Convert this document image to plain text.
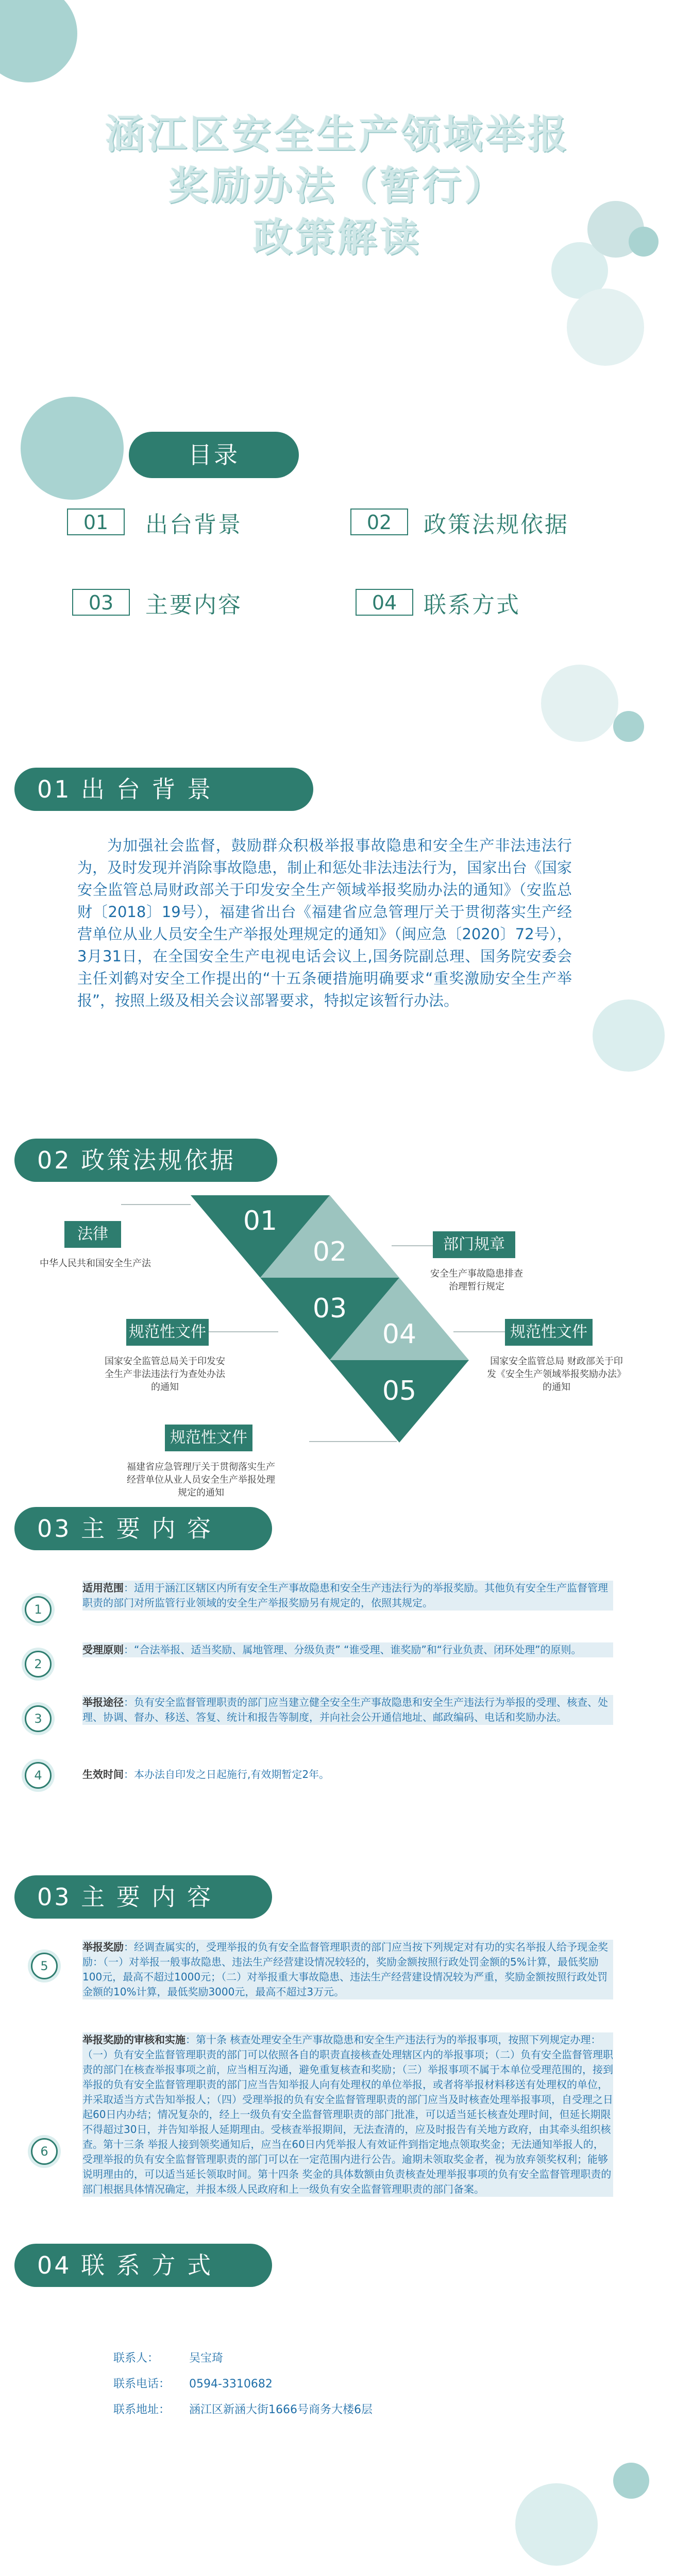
涵江区安全生产领域举报
奖励办法（暂行）
政策解读
目录
01	出台背景	02	政策法规依据
03	主要内容	04	联系方式
01 出 台 背 景
为加强社会监督，鼓励群众积极举报事故隐患和安全生产非法违法行为，及时发现并消除事故隐患，制止和惩处非法违法行为，国家出台《国家安全监管总局财政部关于印发安全生产领域举报奖励办法的通知》（安监总财〔2018〕19号），福建省出台《福建省应急管理厅关于贯彻落实生产经营单位从业人员安全生产举报处理规定的通知》（闽应急〔2020〕72号），3月31日，在全国安全生产电视电话会议上,国务院副总理、国务院安委会主任刘鹤对安全工作提出的“十五条硬措施明确要求“重奖激励安全生产举报”，按照上级及相关会议部署要求，特拟定该暂行办法。
02 政策法规依据
01
02
03
04
05
法律
中华人民共和国安全生产法
部门规章
安全生产事故隐患排查治理暂行规定
规范性文件
国家安全监管总局关于印发安全生产非法违法行为查处办法的通知
规范性文件
国家安全监管总局 财政部关于印发《安全生产领域举报奖励办法》的通知
规范性文件
福建省应急管理厅关于贯彻落实生产经营单位从业人员安全生产举报处理规定的通知
03 主 要 内 容
1
适用范围：适用于涵江区辖区内所有安全生产事故隐患和安全生产违法行为的举报奖励。其他负有安全生产监督管理职责的部门对所监管行业领域的安全生产举报奖励另有规定的，依照其规定。
2
受理原则：“合法举报、适当奖励、属地管理、分级负责” “谁受理、谁奖励”和“行业负责、闭环处理”的原则。
3
举报途径：负有安全监督管理职责的部门应当建立健全安全生产事故隐患和安全生产违法行为举报的受理、核查、处理、协调、督办、移送、答复、统计和报告等制度，并向社会公开通信地址、邮政编码、电话和奖励办法。
4	生效时间：本办法自印发之日起施行,有效期暂定2年。
03 主 要 内 容
5
举报奖励：经调查属实的，受理举报的负有安全监督管理职责的部门应当按下列规定对有功的实名举报人给予现金奖励：（一）对举报一般事故隐患、违法生产经营建设情况较轻的，奖励金额按照行政处罚金额的5%计算，最低奖励100元，最高不超过1000元；（二）对举报重大事故隐患、违法生产经营建设情况较为严重，奖励金额按照行政处罚金额的10%计算，最低奖励3000元，最高不超过3万元。
6
举报奖励的审核和实施：第十条 核查处理安全生产事故隐患和安全生产违法行为的举报事项，按照下列规定办理：（一）负有安全监督管理职责的部门可以依照各自的职责直接核查处理辖区内的举报事项；（二）负有安全监督管理职责的部门在核查举报事项之前，应当相互沟通，避免重复核查和奖励；（三）举报事项不属于本单位受理范围的，接到举报的负有安全监督管理职责的部门应当告知举报人向有处理权的单位举报，或者将举报材料移送有处理权的单位，并采取适当方式告知举报人；（四）受理举报的负有安全监督管理职责的部门应当及时核查处理举报事项，自受理之日起60日内办结；情况复杂的，经上一级负有安全监督管理职责的部门批准，可以适当延长核查处理时间，但延长期限不得超过30日，并告知举报人延期理由。受核查举报期间，无法查清的，应及时报告有关地方政府，由其牵头组织核查。第十三条 举报人接到领奖通知后，应当在60日内凭举报人有效证件到指定地点领取奖金；无法通知举报人的，受理举报的负有安全监督管理职责的部门可以在一定范围内进行公告。逾期未领取奖金者，视为放弃领奖权利；能够说明理由的，可以适当延长领取时间。第十四条 奖金的具体数额由负责核查处理举报事项的负有安全监督管理职责的部门根据具体情况确定，并报本级人民政府和上一级负有安全监督管理职责的部门备案。
04 联 系 方 式
联系人：	吴宝琦
联系电话： 0594-3310682
联系地址： 涵江区新涵大街1666号商务大楼6层
